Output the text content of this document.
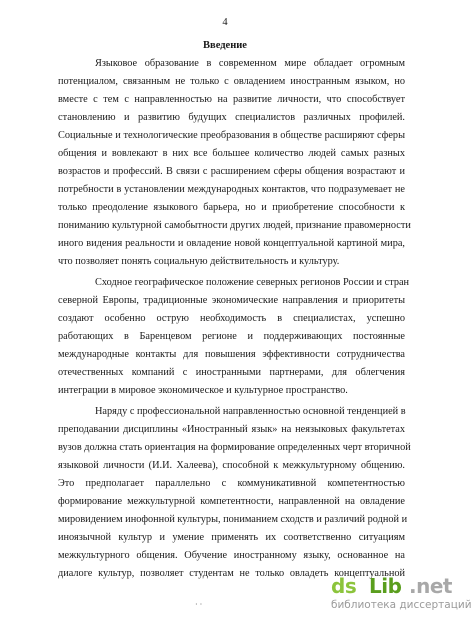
4
Введение
Языковое образование в современном мире обладает огромным
потенциалом, связанным не только с овладением иностранным языком, но
вместе с тем с направленностью на развитие личности, что способствует
становлению и развитию будущих специалистов различных профилей.
Социальные и технологические преобразования в обществе расширяют сферы
общения и вовлекают в них все большее количество людей самых разных
возрастов и профессий. В связи с расширением сферы общения возрастают и
потребности в установлении международных контактов, что подразумевает не
только преодоление языкового барьера, но и приобретение способности к
пониманию культурной самобытности других людей, признание правомерности
иного видения реальности и овладение новой концептуальной картиной мира,
что позволяет понять социальную действительность и культуру.
Сходное географическое положение северных регионов России и стран
северной Европы, традиционные экономические направления и приоритеты
создают особенно острую необходимость в специалистах, успешно
работающих в Баренцевом регионе и поддерживающих постоянные
международные контакты для повышения эффективности сотрудничества
отечественных компаний с иностранными партнерами, для облегчения
интеграции в мировое экономическое и культурное пространство.
Наряду с профессиональной направленностью основной тенденцией в
преподавании дисциплины «Иностранный язык» на неязыковых факультетах
вузов должна стать ориентация на формирование определенных черт вторичной
языковой личности (И.И. Халеева), способной к межкультурному общению.
Это предполагает параллельно с коммуникативной компетентностью
формирование межкультурной компетентности, направленной на овладение
мировидением инофонной культуры, пониманием сходств и различий родной и
иноязычной культур и умение применять их соответственно ситуациям
межкультурного общения. Обучение иностранному языку, основанное на
диалоге культур, позволяет студентам не только овладеть концептуальной
· ·
ds Lib .net
библиотека диссертаций
